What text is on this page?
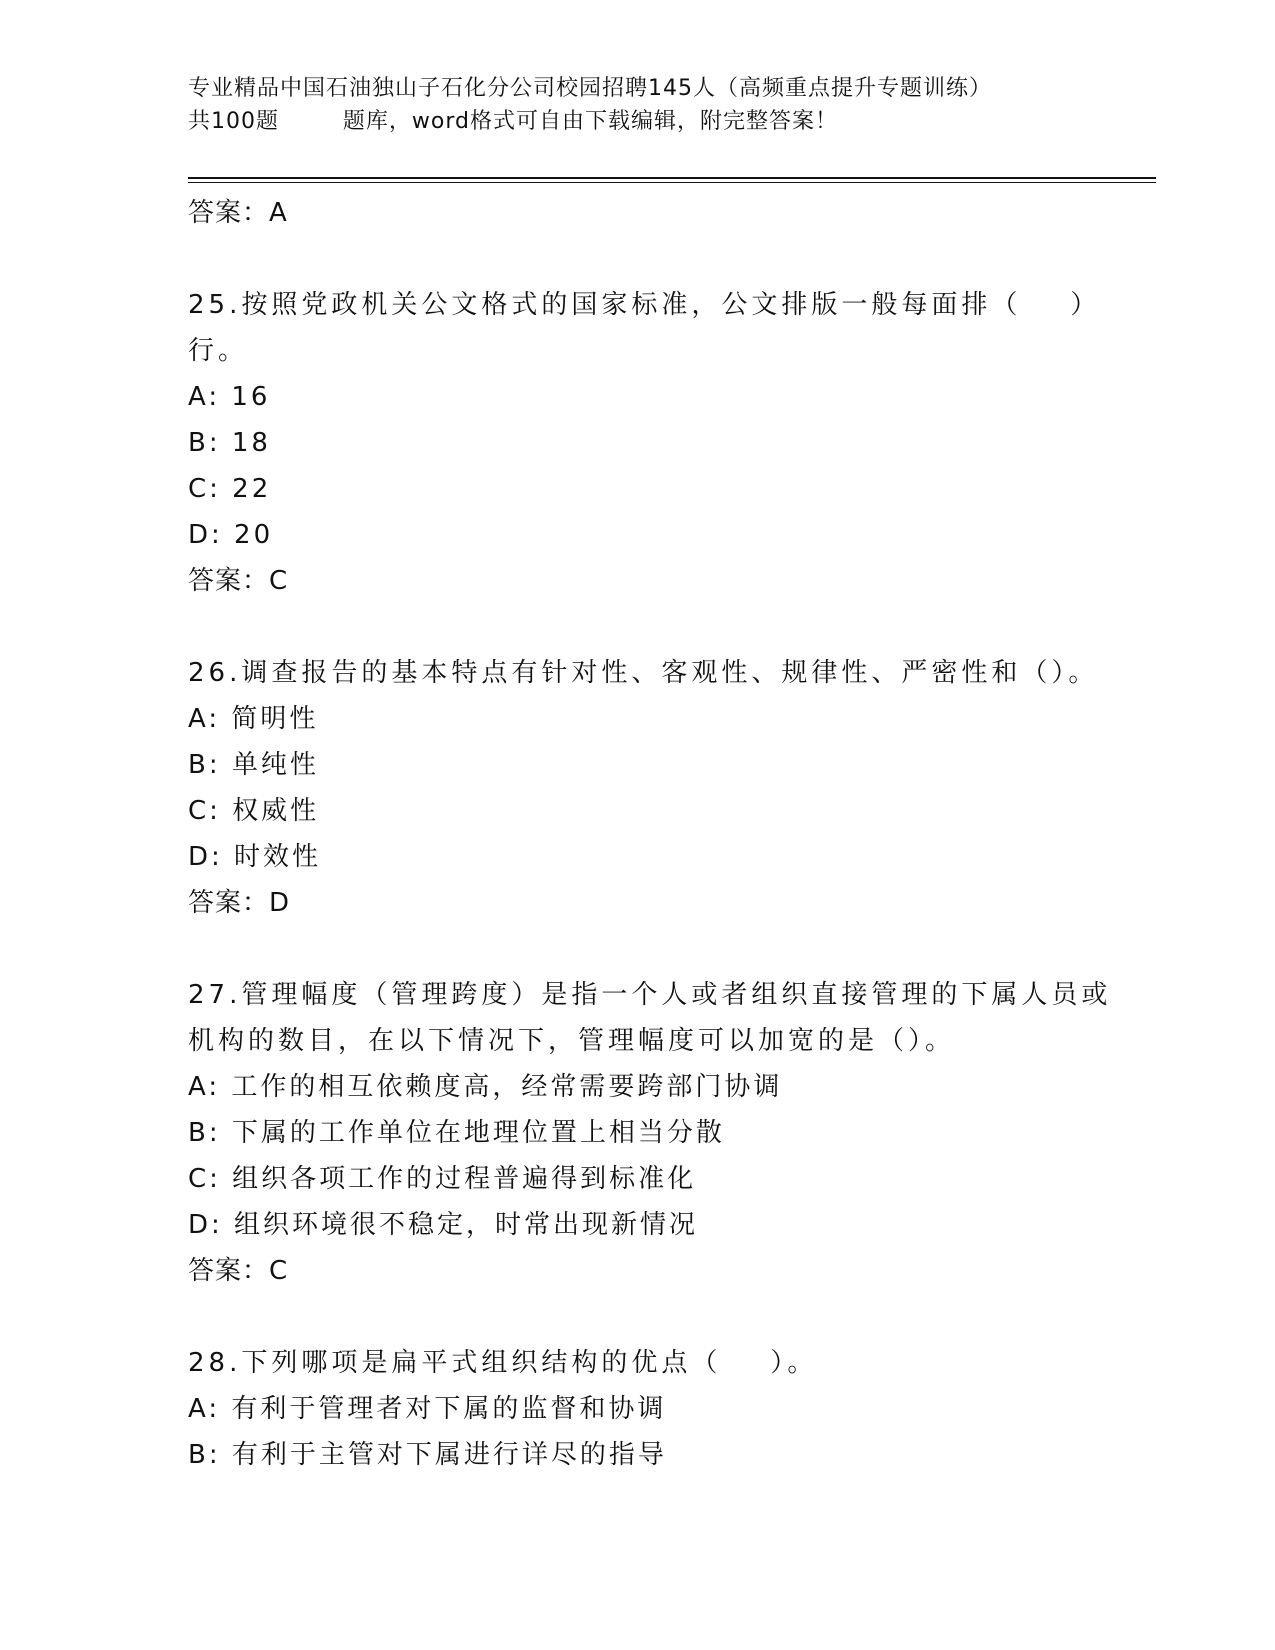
专业精品中国石油独山子石化分公司校园招聘145人（高频重点提升专题训练）
共100题        题库，word格式可自由下载编辑，附完整答案！
答案：A
25.按照党政机关公文格式的国家标准，公文排版一般每面排（    ）
行。
A: 16
B: 18
C: 22
D: 20
答案：C
26.调查报告的基本特点有针对性、客观性、规律性、严密性和（）。
A: 简明性
B: 单纯性
C: 权威性
D: 时效性
答案：D
27.管理幅度（管理跨度）是指一个人或者组织直接管理的下属人员或
机构的数目，在以下情况下，管理幅度可以加宽的是（）。
A: 工作的相互依赖度高，经常需要跨部门协调
B: 下属的工作单位在地理位置上相当分散
C: 组织各项工作的过程普遍得到标准化
D: 组织环境很不稳定，时常出现新情况
答案：C
28.下列哪项是扁平式组织结构的优点（    ）。
A: 有利于管理者对下属的监督和协调
B: 有利于主管对下属进行详尽的指导
